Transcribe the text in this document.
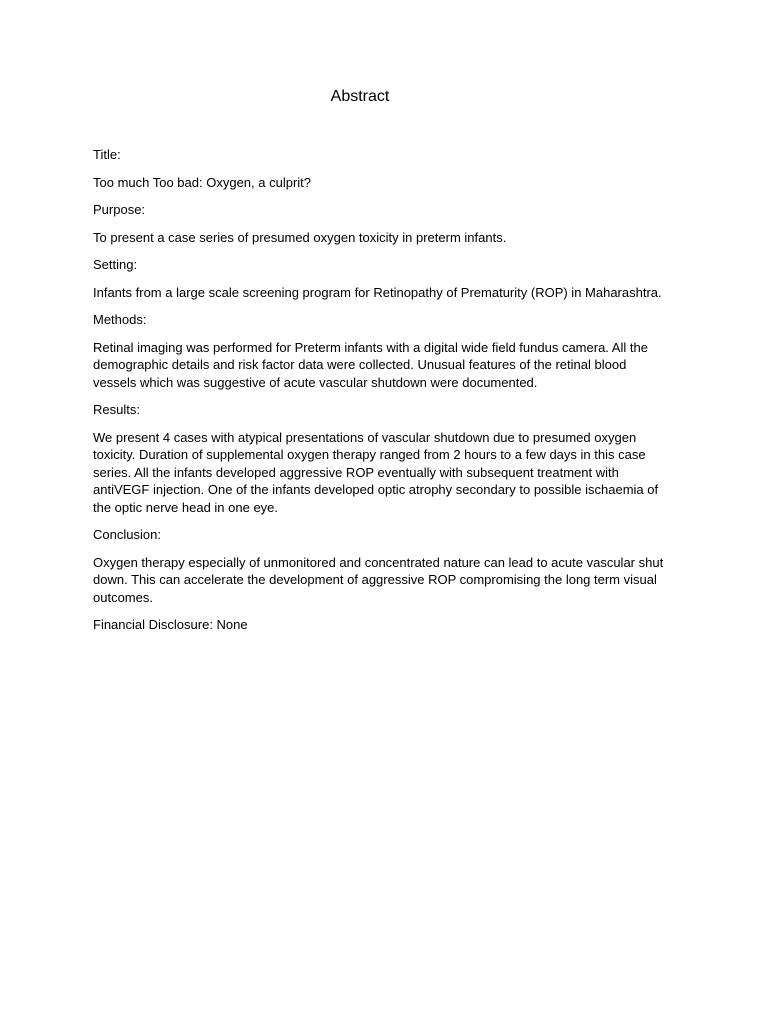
Abstract

Title:

Too much Too bad: Oxygen, a culprit?

Purpose:

To present a case series of presumed oxygen toxicity in preterm infants.

Setting:

Infants from a large scale screening program for Retinopathy of Prematurity (ROP) in Maharashtra.

Methods:

Retinal imaging was performed for Preterm infants with a digital wide field fundus camera. All the demographic details and risk factor data were collected. Unusual features of the retinal blood vessels which was suggestive of acute vascular shutdown were documented.

Results:

We present 4 cases with atypical presentations of vascular shutdown due to presumed oxygen toxicity. Duration of supplemental oxygen therapy ranged from 2 hours to a few days in this case series. All the infants developed aggressive ROP eventually with subsequent treatment with antiVEGF injection. One of the infants developed optic atrophy secondary to possible ischaemia of the optic nerve head in one eye.

Conclusion:

Oxygen therapy especially of unmonitored and concentrated nature can lead to acute vascular shut down. This can accelerate the development of aggressive ROP compromising the long term visual outcomes.

Financial Disclosure: None
